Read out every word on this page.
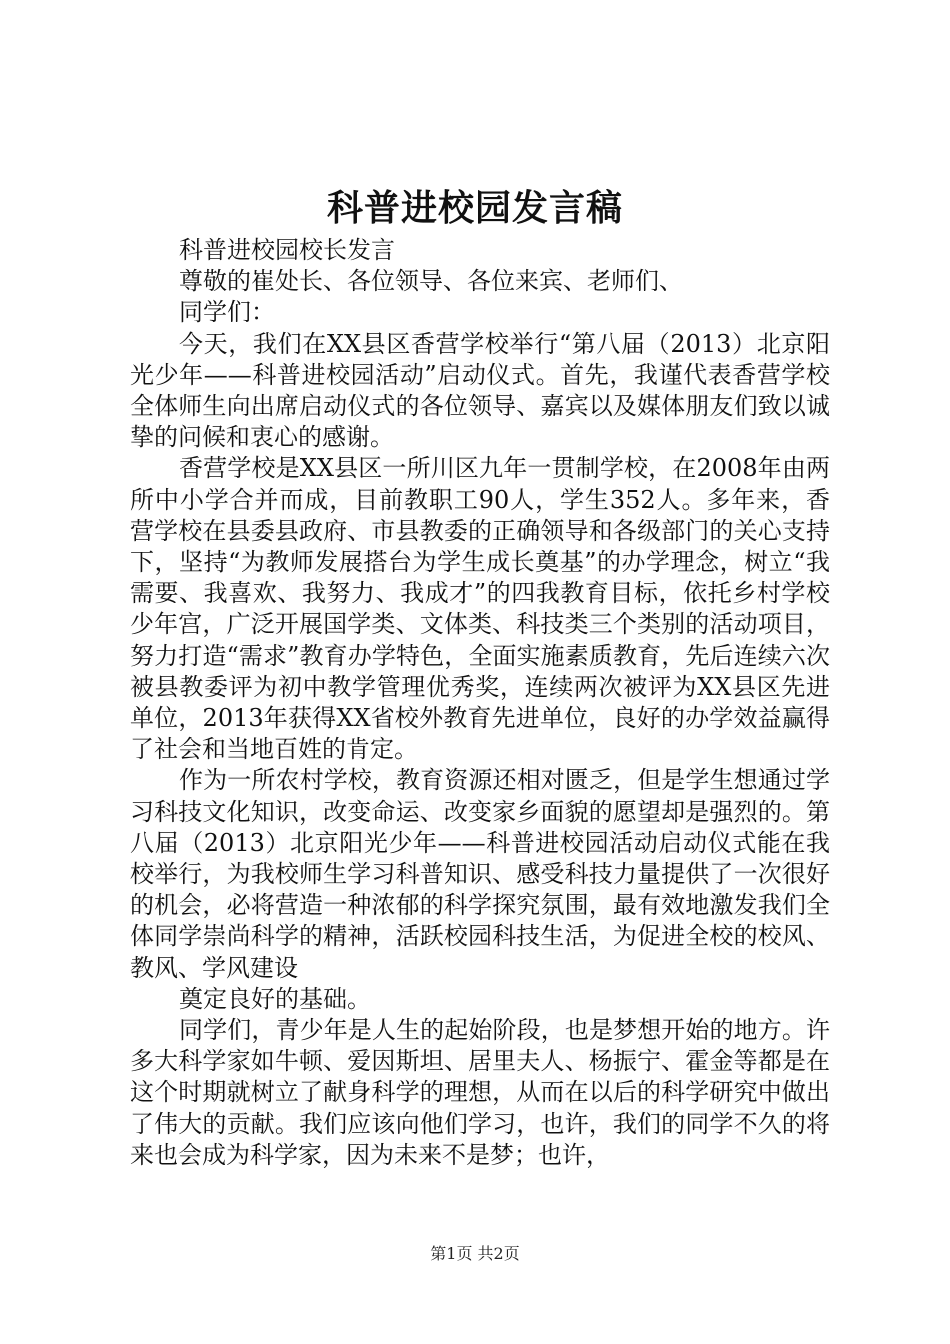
科普进校园发言稿

科普进校园校长发言

尊敬的崔处长、各位领导、各位来宾、老师们、

同学们：

今天，我们在XX县区香营学校举行“第八届（2013）北京阳光少年——科普进校园活动”启动仪式。首先，我谨代表香营学校全体师生向出席启动仪式的各位领导、嘉宾以及媒体朋友们致以诚挚的问候和衷心的感谢。

香营学校是XX县区一所川区九年一贯制学校，在2008年由两所中小学合并而成，目前教职工90人，学生352人。多年来，香营学校在县委县政府、市县教委的正确领导和各级部门的关心支持下，坚持“为教师发展搭台为学生成长奠基”的办学理念，树立“我需要、我喜欢、我努力、我成才”的四我教育目标，依托乡村学校少年宫，广泛开展国学类、文体类、科技类三个类别的活动项目，努力打造“需求”教育办学特色，全面实施素质教育，先后连续六次被县教委评为初中教学管理优秀奖，连续两次被评为XX县区先进单位，2013年获得XX省校外教育先进单位，良好的办学效益赢得了社会和当地百姓的肯定。

作为一所农村学校，教育资源还相对匮乏，但是学生想通过学习科技文化知识，改变命运、改变家乡面貌的愿望却是强烈的。第八届（2013）北京阳光少年——科普进校园活动启动仪式能在我校举行，为我校师生学习科普知识、感受科技力量提供了一次很好的机会，必将营造一种浓郁的科学探究氛围，最有效地激发我们全体同学崇尚科学的精神，活跃校园科技生活，为促进全校的校风、教风、学风建设

奠定良好的基础。

同学们，青少年是人生的起始阶段，也是梦想开始的地方。许多大科学家如牛顿、爱因斯坦、居里夫人、杨振宁、霍金等都是在这个时期就树立了献身科学的理想，从而在以后的科学研究中做出了伟大的贡献。我们应该向他们学习，也许，我们的同学不久的将来也会成为科学家，因为未来不是梦；也许，

第1页 共2页
